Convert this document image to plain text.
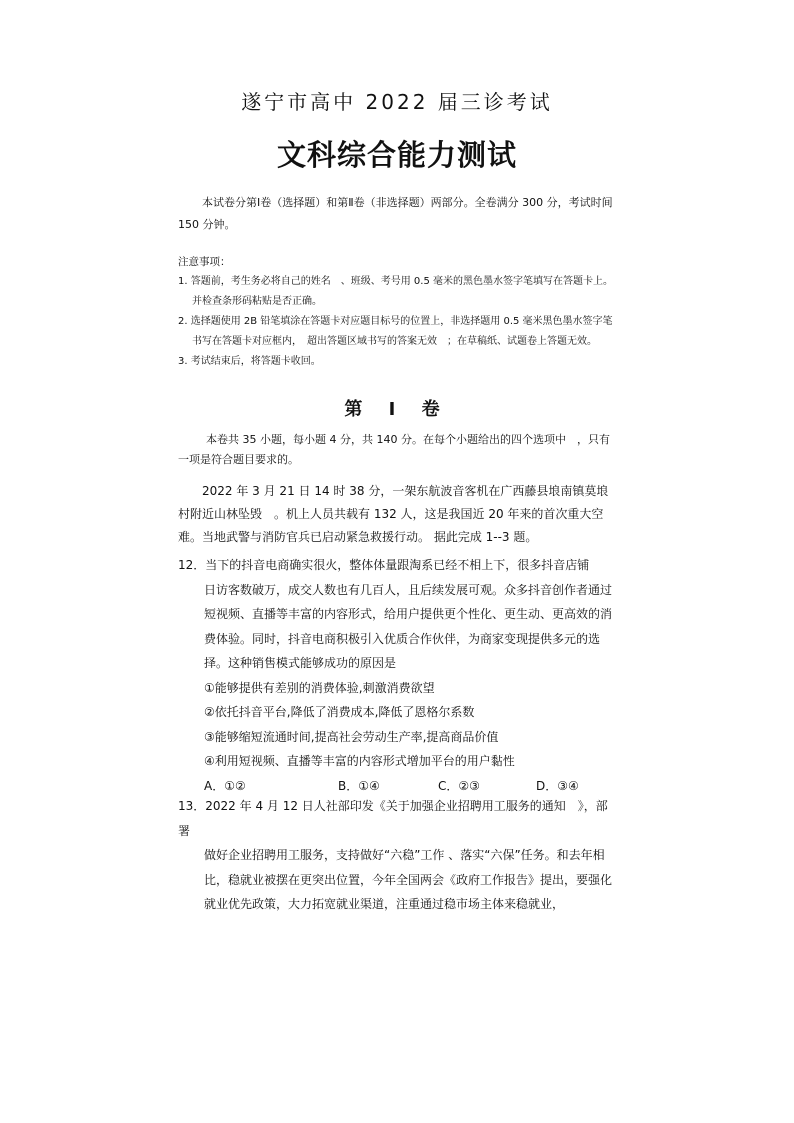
遂宁市高中 2022 届三诊考试
文科综合能力测试
本试卷分第Ⅰ卷（选择题）和第Ⅱ卷（非选择题）两部分。全卷满分 300 分，考试时间 150 分钟。
注意事项：
1. 答题前，考生务必将自己的姓名　、班级、考号用 0.5 毫米的黑色墨水签字笔填写在答题卡上。并检查条形码粘贴是否正确。
2. 选择题使用 2B 铅笔填涂在答题卡对应题目标号的位置上，非选择题用 0.5 毫米黑色墨水签字笔书写在答题卡对应框内，　超出答题区域书写的答案无效　；在草稿纸、试题卷上答题无效。
3. 考试结束后，将答题卡收回。
第 Ⅰ 卷
本卷共 35 小题，每小题 4 分，共 140 分。在每个小题给出的四个选项中　，只有一项是符合题目要求的。
2022 年 3 月 21 日 14 时 38 分，一架东航波音客机在广西藤县埌南镇莫埌村附近山林坠毁　。机上人员共载有 132 人，这是我国近 20 年来的首次重大空难。当地武警与消防官兵已启动紧急救援行动。 据此完成 1--3 题。
12．当下的抖音电商确实很火，整体体量跟淘系已经不相上下，很多抖音店铺
日访客数破万，成交人数也有几百人，且后续发展可观。众多抖音创作者通过短视频、直播等丰富的内容形式，给用户提供更个性化、更生动、更高效的消费体验。同时，抖音电商积极引入优质合作伙伴，为商家变现提供多元的选择。这种销售模式能够成功的原因是
①能够提供有差别的消费体验,刺激消费欲望
②依托抖音平台,降低了消费成本,降低了恩格尔系数
③能够缩短流通时间,提高社会劳动生产率,提高商品价值
④利用短视频、直播等丰富的内容形式增加平台的用户黏性
A．①②	B．①④	C．②③	D．③④
13．2022 年 4 月 12 日人社部印发《关于加强企业招聘用工服务的通知　》，部署
做好企业招聘用工服务，支持做好“六稳”工作 、落实“六保”任务。和去年相比，稳就业被摆在更突出位置，今年全国两会《政府工作报告》提出，要强化就业优先政策，大力拓宽就业渠道，注重通过稳市场主体来稳就业，
